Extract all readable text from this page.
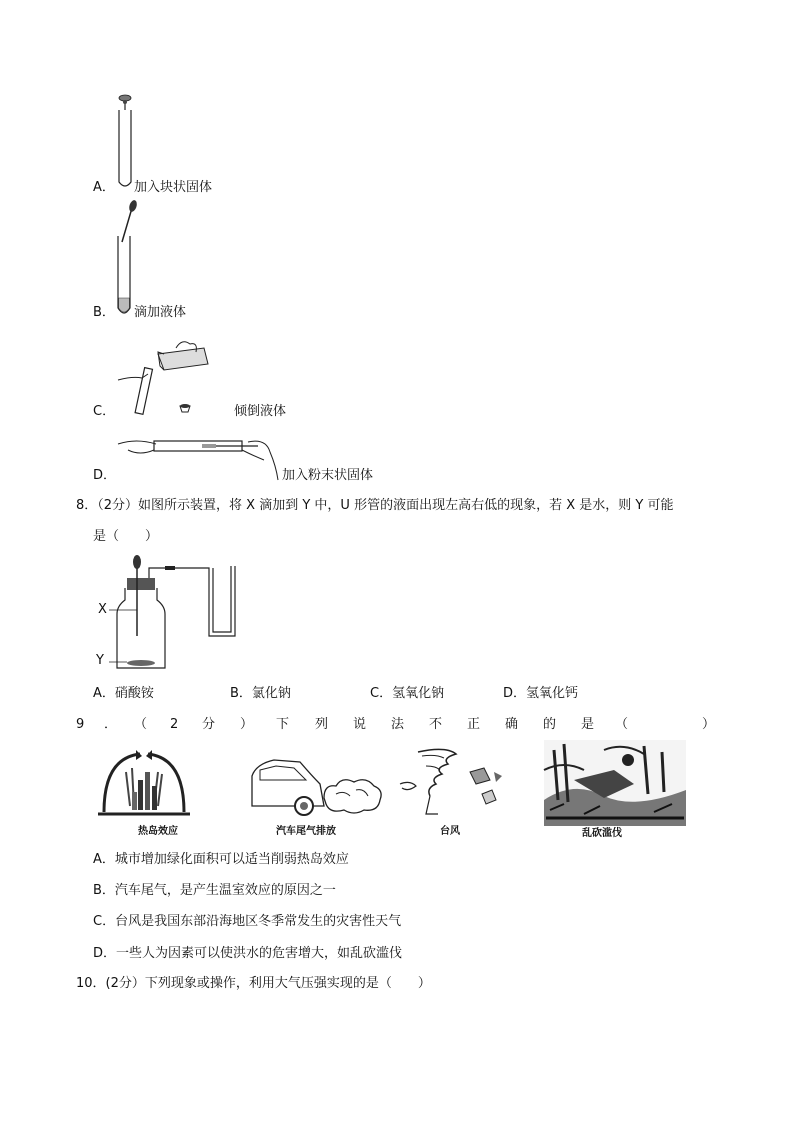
A． 加入块状固体
B． 滴加液体
C．	倾倒液体
D．	加入粉末状固体
8．（2分）如图所示装置，将 X 滴加到 Y 中，U 形管的液面出现左高右低的现象，若 X 是水，则 Y 可能
是（　　）
X
Y
A．硝酸铵	B．氯化钠	C．氢氧化钠	D．氢氧化钙
9 ． （ 2 分 ） 下 列 说 法 不 正 确 的 是 （	）
热岛效应	汽车尾气排放	台风	乱砍滥伐
A．城市增加绿化面积可以适当削弱热岛效应
B．汽车尾气，是产生温室效应的原因之一
C．台风是我国东部沿海地区冬季常发生的灾害性天气
D．一些人为因素可以使洪水的危害增大，如乱砍滥伐
10．(2分）下列现象或操作，利用大气压强实现的是（　　）
